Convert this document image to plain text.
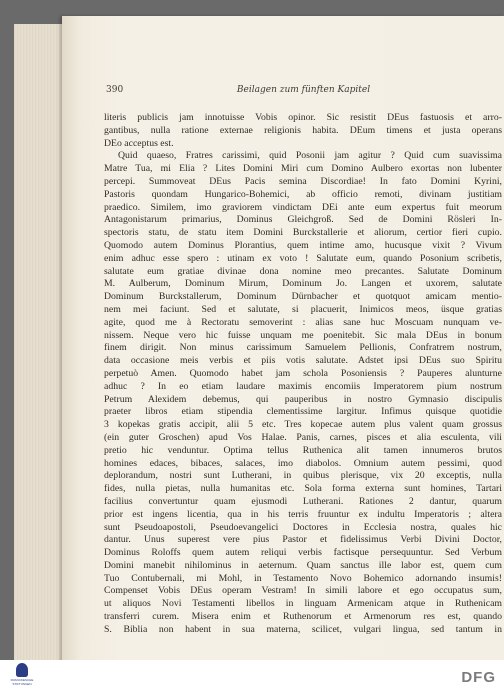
390	Beilagen zum fünften Kapitel
literis publicis jam innotuisse Vobis opinor. Sic resistit DEus fastuosis et arro-
gantibus, nulla ratione externae religionis habita. DEum timens et justa operans
DEo acceptus est.
Quid quaeso, Fratres carissimi, quid Posonii jam agitur ? Quid cum suavissima
Matre Tua, mi Elia ? Lites Domini Miri cum Domino Aulbero exortas non lubenter
percepi. Summoveat DEus Pacis semina Discordiae! In fato Domini Kyrini,
Pastoris quondam Hungarico-Bohemici, ab officio remoti, divinam justitiam
praedico. Similem, imo graviorem vindictam DEi ante eum expertus fuit meorum
Antagonistarum primarius, Dominus Gleichgroß. Sed de Domini Rösleri In-
spectoris statu, de statu item Domini Burckstallerie et aliorum, certior fieri cupio.
Quomodo autem Dominus Plorantius, quem intime amo, hucusque vixit ? Vivum
enim adhuc esse spero : utinam ex voto ! Salutate eum, quando Posonium scribetis,
salutate eum gratiae divinae dona nomine meo precantes. Salutate Dominum
M. Aulberum, Dominum Mirum, Dominum Jo. Langen et uxorem, salutate
Dominum Burckstallerum, Dominum Dürnbacher et quotquot amicam mentio-
nem mei faciunt. Sed et salutate, si placuerit, Inimicos meos, üsque gratias
agite, quod me à Rectoratu semoverint : alias sane huc Moscuam nunquam ve-
nissem. Neque vero hic fuisse unquam me poenitebit. Sic mala DEus in bonum
finem dirigit. Non minus carissimum Samuelem Pellionis, Confratrem nostrum,
data occasione meis verbis et piis votis salutate. Adstet ipsi DEus suo Spiritu
perpetuò Amen. Quomodo habet jam schola Posoniensis ? Pauperes alunturne
adhuc ? In eo etiam laudare maximis encomiis Imperatorem pium nostrum
Petrum Alexidem debemus, qui pauperibus in nostro Gymnasio discipulis
praeter libros etiam stipendia clementissime largitur. Infimus quisque quotidie
3 kopekas gratis accipit, alii 5 etc. Tres kopecae autem plus valent quam grossus
(ein guter Groschen) apud Vos Halae. Panis, carnes, pisces et alia esculenta, vili
pretio hic venduntur. Optima tellus Ruthenica alit tamen innumeros brutos
homines edaces, bibaces, salaces, imo diabolos. Omnium autem pessimi, quod
deplorandum, nostri sunt Lutherani, in quibus plerisque, vix 20 exceptis, nulla
fides, nulla pietas, nulla humanitas etc. Sola forma externa sunt homines, Tartari
facilius convertuntur quam ejusmodi Lutherani. Rationes 2 dantur, quarum
prior est ingens licentia, qua in his terris fruuntur ex indultu Imperatoris ; altera
sunt Pseudoapostoli, Pseudoevangelici Doctores in Ecclesia nostra, quales hic
dantur. Unus superest vere pius Pastor et fidelissimus Verbi Divini Doctor,
Dominus Roloffs quem autem reliqui verbis factisque persequuntur. Sed Verbum
Domini manebit nihilominus in aeternum. Quam sanctus ille labor est, quem cum
Tuo Contubernali, mi Mohl, in Testamento Novo Bohemico adornando insumis!
Compenset Vobis DEus operam Vestram! In simili labore et ego occupatus sum,
ut aliquos Novi Testamenti libellos in linguam Armenicam atque in Ruthenicam
transferri curem. Misera enim et Ruthenorum et Armenorum res est, quando
S. Biblia non habent in sua materna, scilicet, vulgari lingua, sed tantum in
FRANCKESCHE STIFTUNGEN	DFG
